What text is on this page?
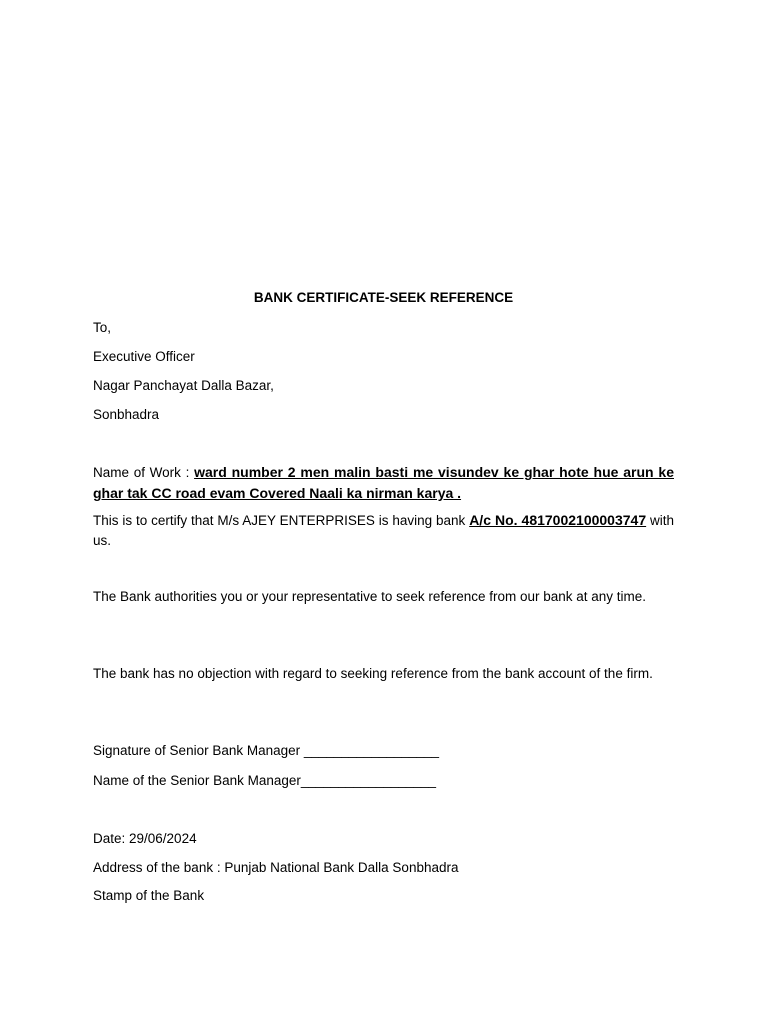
BANK CERTIFICATE-SEEK REFERENCE
To,
Executive Officer
Nagar Panchayat Dalla Bazar,
Sonbhadra
Name of Work : ward number 2 men malin basti me visundev ke ghar hote hue arun ke ghar tak CC road evam Covered Naali ka nirman karya .
This is to certify that M/s AJEY ENTERPRISES is having bank A/c No. 4817002100003747 with us.
The Bank authorities you or your representative to seek reference from our bank at any time.
The bank has no objection with regard to seeking reference from the bank account of the firm.
Signature of Senior Bank Manager __________________
Name of the Senior Bank Manager__________________
Date: 29/06/2024
Address of the bank : Punjab National Bank Dalla Sonbhadra
Stamp of the Bank
